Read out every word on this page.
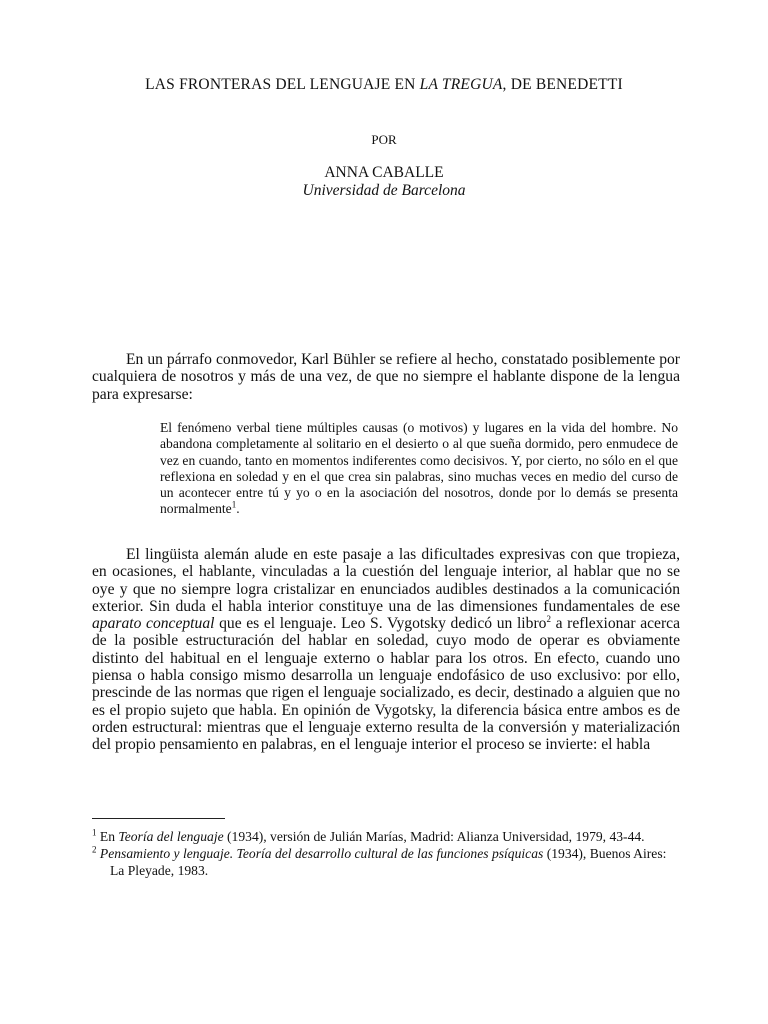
LAS FRONTERAS DEL LENGUAJE EN LA TREGUA, DE BENEDETTI
POR
ANNA CABALLE
Universidad de Barcelona

En un párrafo conmovedor, Karl Bühler se refiere al hecho, constatado posiblemente por cualquiera de nosotros y más de una vez, de que no siempre el hablante dispone de la lengua para expresarse:

El fenómeno verbal tiene múltiples causas (o motivos) y lugares en la vida del hombre. No abandona completamente al solitario en el desierto o al que sueña dormido, pero enmudece de vez en cuando, tanto en momentos indiferentes como decisivos. Y, por cierto, no sólo en el que reflexiona en soledad y en el que crea sin palabras, sino muchas veces en medio del curso de un acontecer entre tú y yo o en la asociación del nosotros, donde por lo demás se presenta normalmente$^1$.

El lingüista alemán alude en este pasaje a las dificultades expresivas con que tropieza, en ocasiones, el hablante, vinculadas a la cuestión del lenguaje interior, al hablar que no se oye y que no siempre logra cristalizar en enunciados audibles destinados a la comunicación exterior. Sin duda el habla interior constituye una de las dimensiones fundamentales de ese aparato conceptual que es el lenguaje. Leo S. Vygotsky dedicó un libro$^2$ a reflexionar acerca de la posible estructuración del hablar en soledad, cuyo modo de operar es obviamente distinto del habitual en el lenguaje externo o hablar para los otros. En efecto, cuando uno piensa o habla consigo mismo desarrolla un lenguaje endofásico de uso exclusivo: por ello, prescinde de las normas que rigen el lenguaje socializado, es decir, destinado a alguien que no es el propio sujeto que habla. En opinión de Vygotsky, la diferencia básica entre ambos es de orden estructural: mientras que el lenguaje externo resulta de la conversión y materialización del propio pensamiento en palabras, en el lenguaje interior el proceso se invierte: el habla

$^1$ En Teoría del lenguaje (1934), versión de Julián Marías, Madrid: Alianza Universidad, 1979, 43-44.

$^2$ Pensamiento y lenguaje. Teoría del desarrollo cultural de las funciones psíquicas (1934), Buenos Aires: La Pleyade, 1983.
